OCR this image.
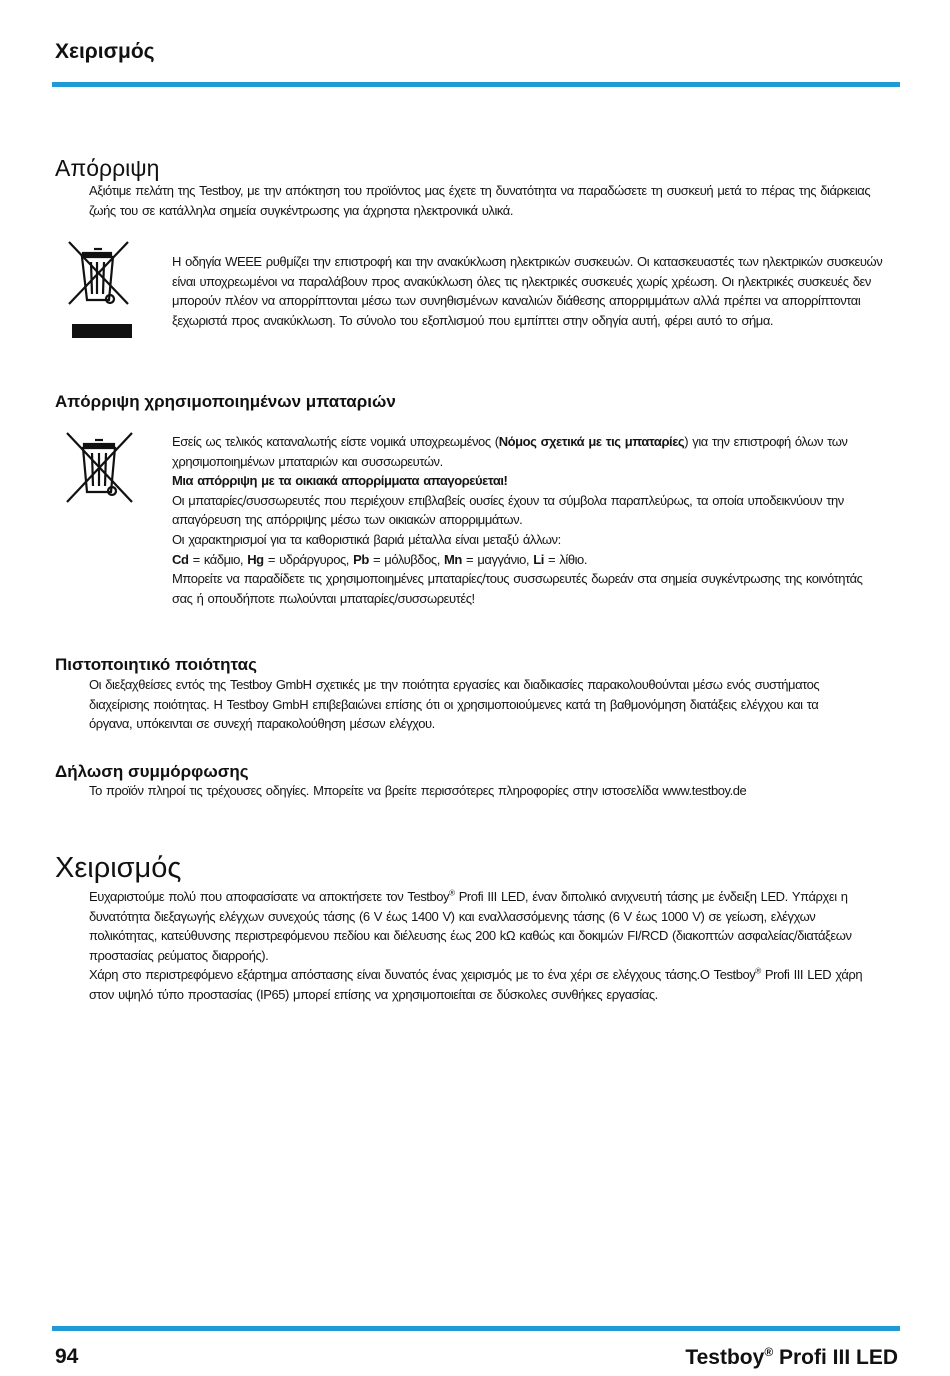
Χειρισμός
Απόρριψη

Αξιότιμε πελάτη της Testboy, με την απόκτηση του προϊόντος μας έχετε τη δυνατότητα να παραδώσετε τη συσκευή μετά το πέρας της διάρκειας ζωής του σε κατάλληλα σημεία συγκέντρωσης για άχρηστα ηλεκτρονικά υλικά.

Η οδηγία WEEE ρυθμίζει την επιστροφή και την ανακύκλωση ηλεκτρικών συσκευών. Οι κατασκευαστές των ηλεκτρικών συσκευών είναι υποχρεωμένοι να παραλάβουν προς ανακύκλωση όλες τις ηλεκτρικές συσκευές χωρίς χρέωση. Οι ηλεκτρικές συσκευές δεν μπορούν πλέον να απορρίπτονται μέσω των συνηθισμένων καναλιών διάθεσης απορριμμάτων αλλά πρέπει να απορρίπτονται ξεχωριστά προς ανακύκλωση. Το σύνολο του εξοπλισμού που εμπίπτει στην οδηγία αυτή, φέρει αυτό το σήμα.

Απόρριψη χρησιμοποιημένων μπαταριών

Εσείς ως τελικός καταναλωτής είστε νομικά υποχρεωμένος (Νόμος σχετικά με τις μπαταρίες) για την επιστροφή όλων των χρησιμοποιημένων μπαταριών και συσσωρευτών.

Μια απόρριψη με τα οικιακά απορρίμματα απαγορεύεται!

Οι μπαταρίες/συσσωρευτές που περιέχουν επιβλαβείς ουσίες έχουν τα σύμβολα παραπλεύρως, τα οποία υποδεικνύουν την απαγόρευση της απόρριψης μέσω των οικιακών απορριμμάτων.

Οι χαρακτηρισμοί για τα καθοριστικά βαριά μέταλλα είναι μεταξύ άλλων:

Cd = κάδμιο, Hg = υδράργυρος, Pb = μόλυβδος, Mn = μαγγάνιο, Li = λίθιο.

Μπορείτε να παραδίδετε τις χρησιμοποιημένες μπαταρίες/τους συσσωρευτές δωρεάν στα σημεία συγκέντρωσης της κοινότητάς σας ή οπουδήποτε πωλούνται μπαταρίες/συσσωρευτές!

Πιστοποιητικό ποιότητας

Οι διεξαχθείσες εντός της Testboy GmbH σχετικές με την ποιότητα εργασίες και διαδικασίες παρακολουθούνται μέσω ενός συστήματος διαχείρισης ποιότητας. Η Testboy GmbH επιβεβαιώνει επίσης ότι οι χρησιμοποιούμενες κατά τη βαθμονόμηση διατάξεις ελέγχου και τα όργανα, υπόκεινται σε συνεχή παρακολούθηση μέσων ελέγχου.

Δήλωση συμμόρφωσης

Το προϊόν πληροί τις τρέχουσες οδηγίες. Μπορείτε να βρείτε περισσότερες πληροφορίες στην ιστοσελίδα www.testboy.de

Χειρισμός

Ευχαριστούμε πολύ που αποφασίσατε να αποκτήσετε τον Testboy® Profi III LED, έναν διπολικό ανιχνευτή τάσης με ένδειξη LED. Υπάρχει η δυνατότητα διεξαγωγής ελέγχων συνεχούς τάσης (6 V έως 1400 V) και εναλλασσόμενης τάσης (6 V έως 1000 V) σε γείωση, ελέγχων πολικότητας, κατεύθυνσης περιστρεφόμενου πεδίου και διέλευσης έως 200 kΩ καθώς και δοκιμών FI/RCD (διακοπτών ασφαλείας/διατάξεων προστασίας ρεύματος διαρροής).

Χάρη στο περιστρεφόμενο εξάρτημα απόστασης είναι δυνατός ένας χειρισμός με το ένα χέρι σε ελέγχους τάσης.Ο Testboy® Profi III LED χάρη στον υψηλό τύπο προστασίας (IP65) μπορεί επίσης να χρησιμοποιείται σε δύσκολες συνθήκες εργασίας.

94	Testboy® Profi III LED
